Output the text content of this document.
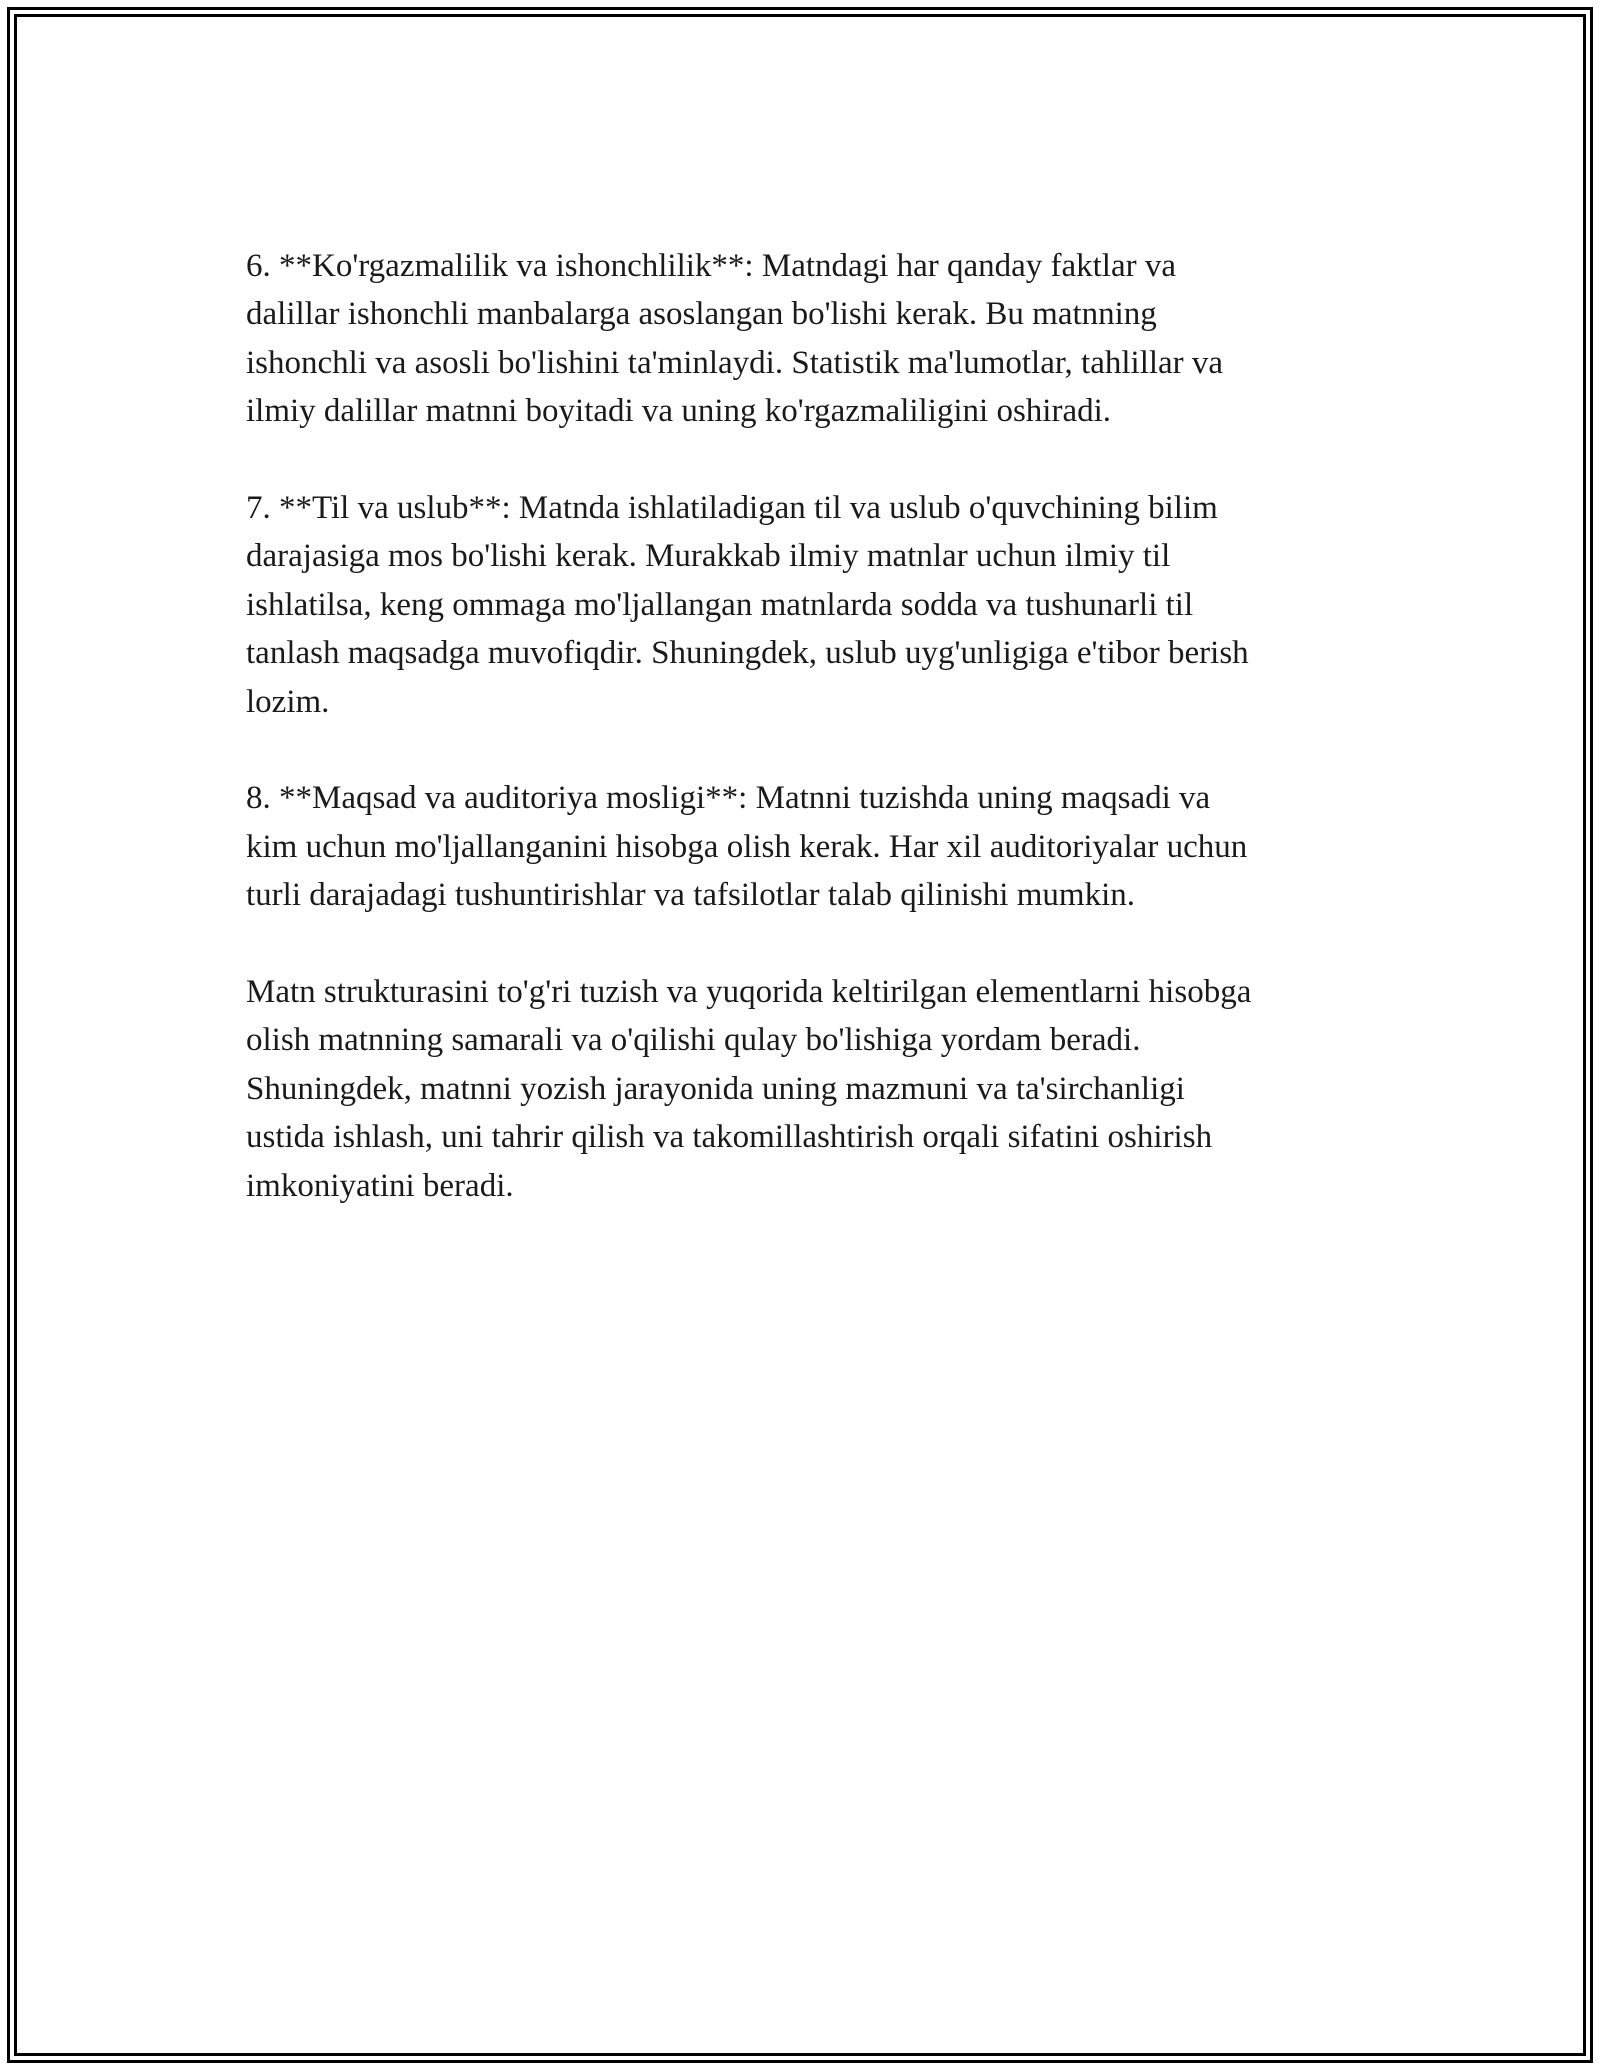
6. **Ko'rgazmalilik va ishonchlilik**: Matndagi har qanday faktlar va
dalillar ishonchli manbalarga asoslangan bo'lishi kerak. Bu matnning
ishonchli va asosli bo'lishini ta'minlaydi. Statistik ma'lumotlar, tahlillar va
ilmiy dalillar matnni boyitadi va uning ko'rgazmaliligini oshiradi.

7. **Til va uslub**: Matnda ishlatiladigan til va uslub o'quvchining bilim
darajasiga mos bo'lishi kerak. Murakkab ilmiy matnlar uchun ilmiy til
ishlatilsa, keng ommaga mo'ljallangan matnlarda sodda va tushunarli til
tanlash maqsadga muvofiqdir. Shuningdek, uslub uyg'unligiga e'tibor berish
lozim.

8. **Maqsad va auditoriya mosligi**: Matnni tuzishda uning maqsadi va
kim uchun mo'ljallanganini hisobga olish kerak. Har xil auditoriyalar uchun
turli darajadagi tushuntirishlar va tafsilotlar talab qilinishi mumkin.

Matn strukturasini to'g'ri tuzish va yuqorida keltirilgan elementlarni hisobga
olish matnning samarali va o'qilishi qulay bo'lishiga yordam beradi.
Shuningdek, matnni yozish jarayonida uning mazmuni va ta'sirchanligi
ustida ishlash, uni tahrir qilish va takomillashtirish orqali sifatini oshirish
imkoniyatini beradi.
